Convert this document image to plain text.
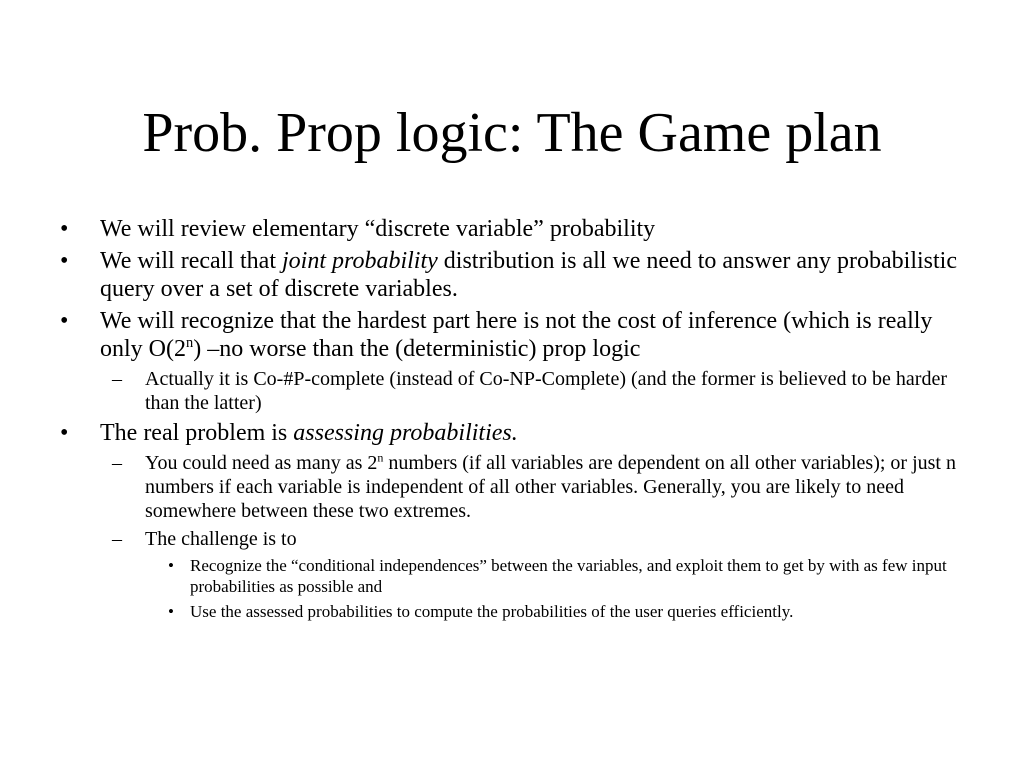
Prob. Prop logic: The Game plan
• We will review elementary “discrete variable” probability
• We will recall that joint probability distribution is all we need to answer any probabilistic query over a set of discrete variables.
• We will recognize that the hardest part here is not the cost of inference (which is really only O(2$^n$) –no worse than the (deterministic) prop logic
– Actually it is Co-#P-complete (instead of Co-NP-Complete) (and the former is believed to be harder than the latter)
• The real problem is assessing probabilities.
– You could need as many as 2$^n$ numbers (if all variables are dependent on all other variables); or just n numbers if each variable is independent of all other variables. Generally, you are likely to need somewhere between these two extremes.
– The challenge is to
• Recognize the “conditional independences” between the variables, and exploit them to get by with as few input probabilities as possible and
• Use the assessed probabilities to compute the probabilities of the user queries efficiently.
